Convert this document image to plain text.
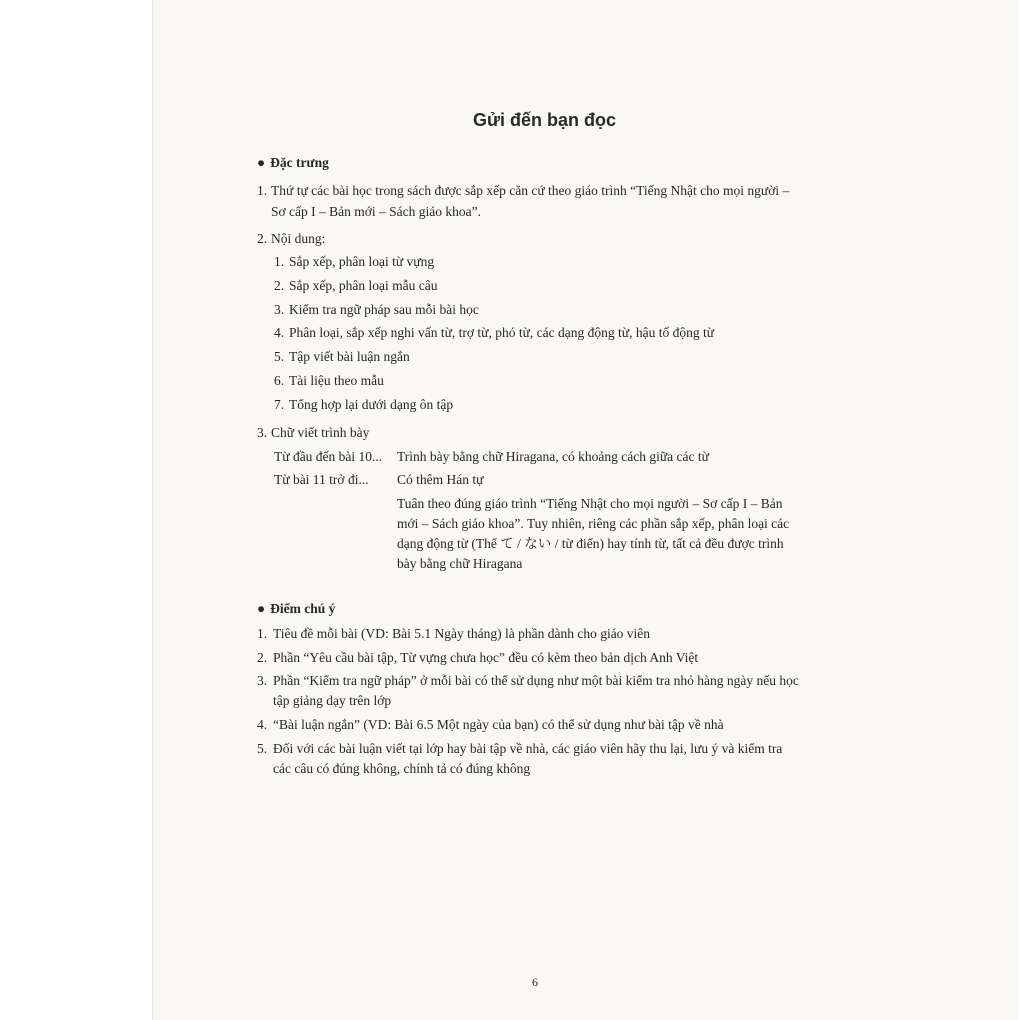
Gửi đến bạn đọc
● Đặc trưng
1. Thứ tự các bài học trong sách được sắp xếp căn cứ theo giáo trình “Tiếng Nhật cho mọi người –
Sơ cấp I – Bản mới – Sách giáo khoa”.
2. Nội dung:
1. Sắp xếp, phân loại từ vựng
2. Sắp xếp, phân loại mẫu câu
3. Kiểm tra ngữ pháp sau mỗi bài học
4. Phân loại, sắp xếp nghi vấn từ, trợ từ, phó từ, các dạng động từ, hậu tố động từ
5. Tập viết bài luận ngắn
6. Tài liệu theo mẫu
7. Tổng hợp lại dưới dạng ôn tập
3. Chữ viết trình bày
Từ đầu đến bài 10... Trình bày bằng chữ Hiragana, có khoảng cách giữa các từ
Từ bài 11 trở đi... Có thêm Hán tự
Tuân theo đúng giáo trình “Tiếng Nhật cho mọi người – Sơ cấp I – Bản
mới – Sách giáo khoa”. Tuy nhiên, riêng các phần sắp xếp, phân loại các
dạng động từ (Thể て / ない / từ điển) hay tính từ, tất cả đều được trình
bày bằng chữ Hiragana
● Điểm chú ý
1. Tiêu đề mỗi bài (VD: Bài 5.1 Ngày tháng) là phần dành cho giáo viên
2. Phần “Yêu cầu bài tập, Từ vựng chưa học” đều có kèm theo bản dịch Anh Việt
3. Phần “Kiểm tra ngữ pháp” ở mỗi bài có thể sử dụng như một bài kiểm tra nhỏ hàng ngày nếu học
tập giảng dạy trên lớp
4. “Bài luận ngắn” (VD: Bài 6.5 Một ngày của bạn) có thể sử dụng như bài tập về nhà
5. Đối với các bài luận viết tại lớp hay bài tập về nhà, các giáo viên hãy thu lại, lưu ý và kiểm tra
các câu có đúng không, chính tả có đúng không
6
